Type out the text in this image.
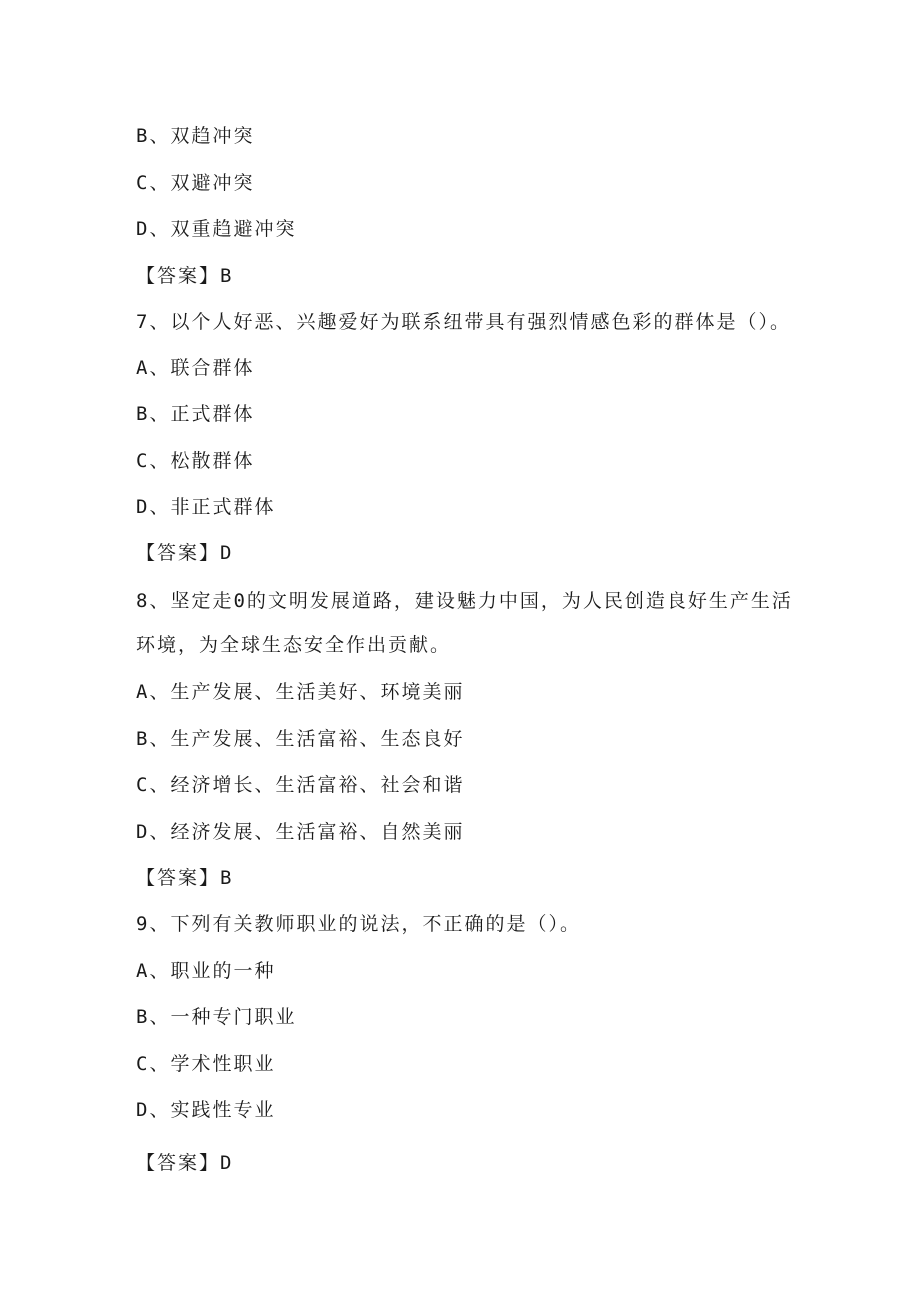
B、双趋冲突
C、双避冲突
D、双重趋避冲突
【答案】B
7、以个人好恶、兴趣爱好为联系纽带具有强烈情感色彩的群体是（）。
A、联合群体
B、正式群体
C、松散群体
D、非正式群体
【答案】D
8、坚定走0的文明发展道路，建设魅力中国，为人民创造良好生产生活
环境，为全球生态安全作出贡献。
A、生产发展、生活美好、环境美丽
B、生产发展、生活富裕、生态良好
C、经济增长、生活富裕、社会和谐
D、经济发展、生活富裕、自然美丽
【答案】B
9、下列有关教师职业的说法，不正确的是（）。
A、职业的一种
B、一种专门职业
C、学术性职业
D、实践性专业
【答案】D
